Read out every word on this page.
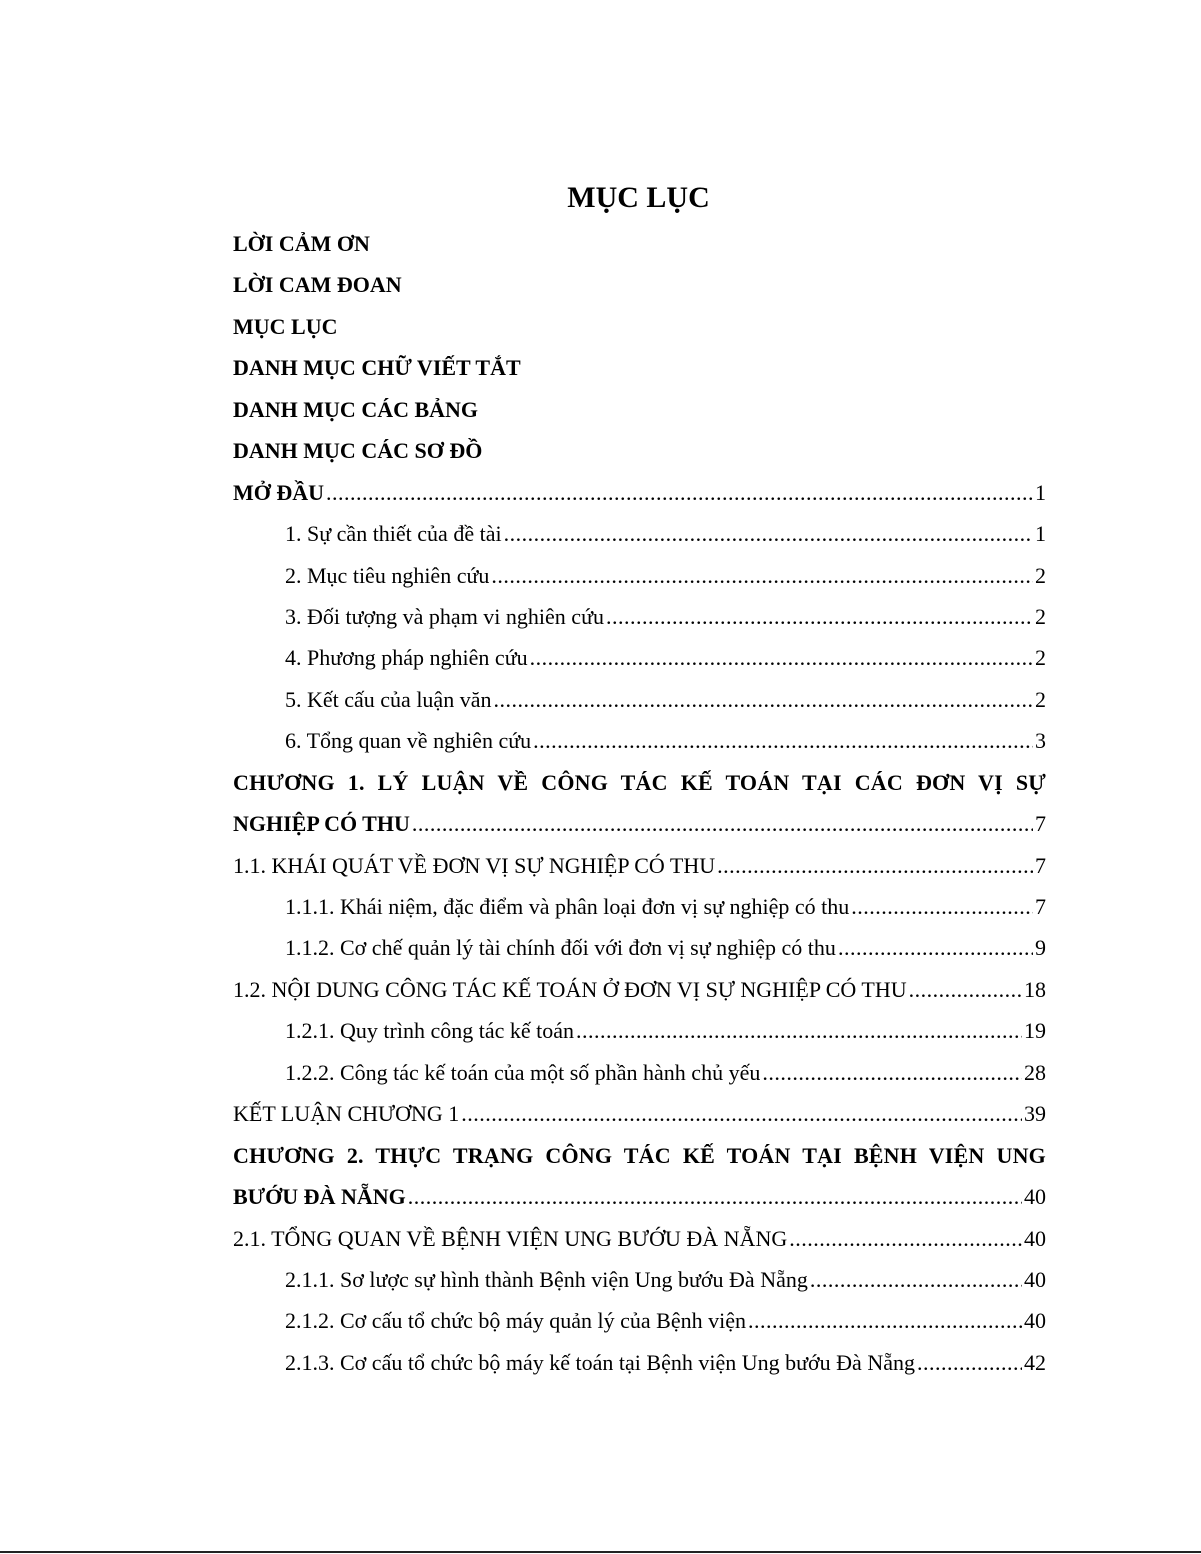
MỤC LỤC
LỜI CẢM ƠN
LỜI CAM ĐOAN
MỤC LỤC
DANH MỤC CHỮ VIẾT TẮT
DANH MỤC CÁC BẢNG
DANH MỤC CÁC SƠ ĐỒ
MỞ ĐẦU .....	1
1. Sự cần thiết của đề tài .....	1
2. Mục tiêu nghiên cứu .....	2
3. Đối tượng và phạm vi nghiên cứu .....	2
4. Phương pháp nghiên cứu .....	2
5. Kết cấu của luận văn .....	2
6. Tổng quan về nghiên cứu .....	3
CHƯƠNG 1. LÝ LUẬN VỀ CÔNG TÁC KẾ TOÁN TẠI CÁC ĐƠN VỊ SỰ
NGHIỆP CÓ THU .....	7
1.1. KHÁI QUÁT VỀ ĐƠN VỊ SỰ NGHIỆP CÓ THU .....	7
1.1.1. Khái niệm, đặc điểm và phân loại đơn vị sự nghiệp có thu .....	7
1.1.2. Cơ chế quản lý tài chính đối với đơn vị sự nghiệp có thu .....	9
1.2. NỘI DUNG CÔNG TÁC KẾ TOÁN Ở ĐƠN VỊ SỰ NGHIỆP CÓ THU .....	18
1.2.1. Quy trình công tác kế toán .....	19
1.2.2. Công tác kế toán của một số phần hành chủ yếu .....	28
KẾT LUẬN CHƯƠNG 1 .....	39
CHƯƠNG 2. THỰC TRẠNG CÔNG TÁC KẾ TOÁN TẠI BỆNH VIỆN UNG
BƯỚU ĐÀ NẴNG .....	40
2.1. TỔNG QUAN VỀ BỆNH VIỆN UNG BƯỚU ĐÀ NẴNG .....	40
2.1.1. Sơ lược sự hình thành Bệnh viện Ung bướu Đà Nẵng .....	40
2.1.2. Cơ cấu tổ chức bộ máy quản lý của Bệnh viện .....	40
2.1.3. Cơ cấu tổ chức bộ máy kế toán tại Bệnh viện Ung bướu Đà Nẵng .....	42
